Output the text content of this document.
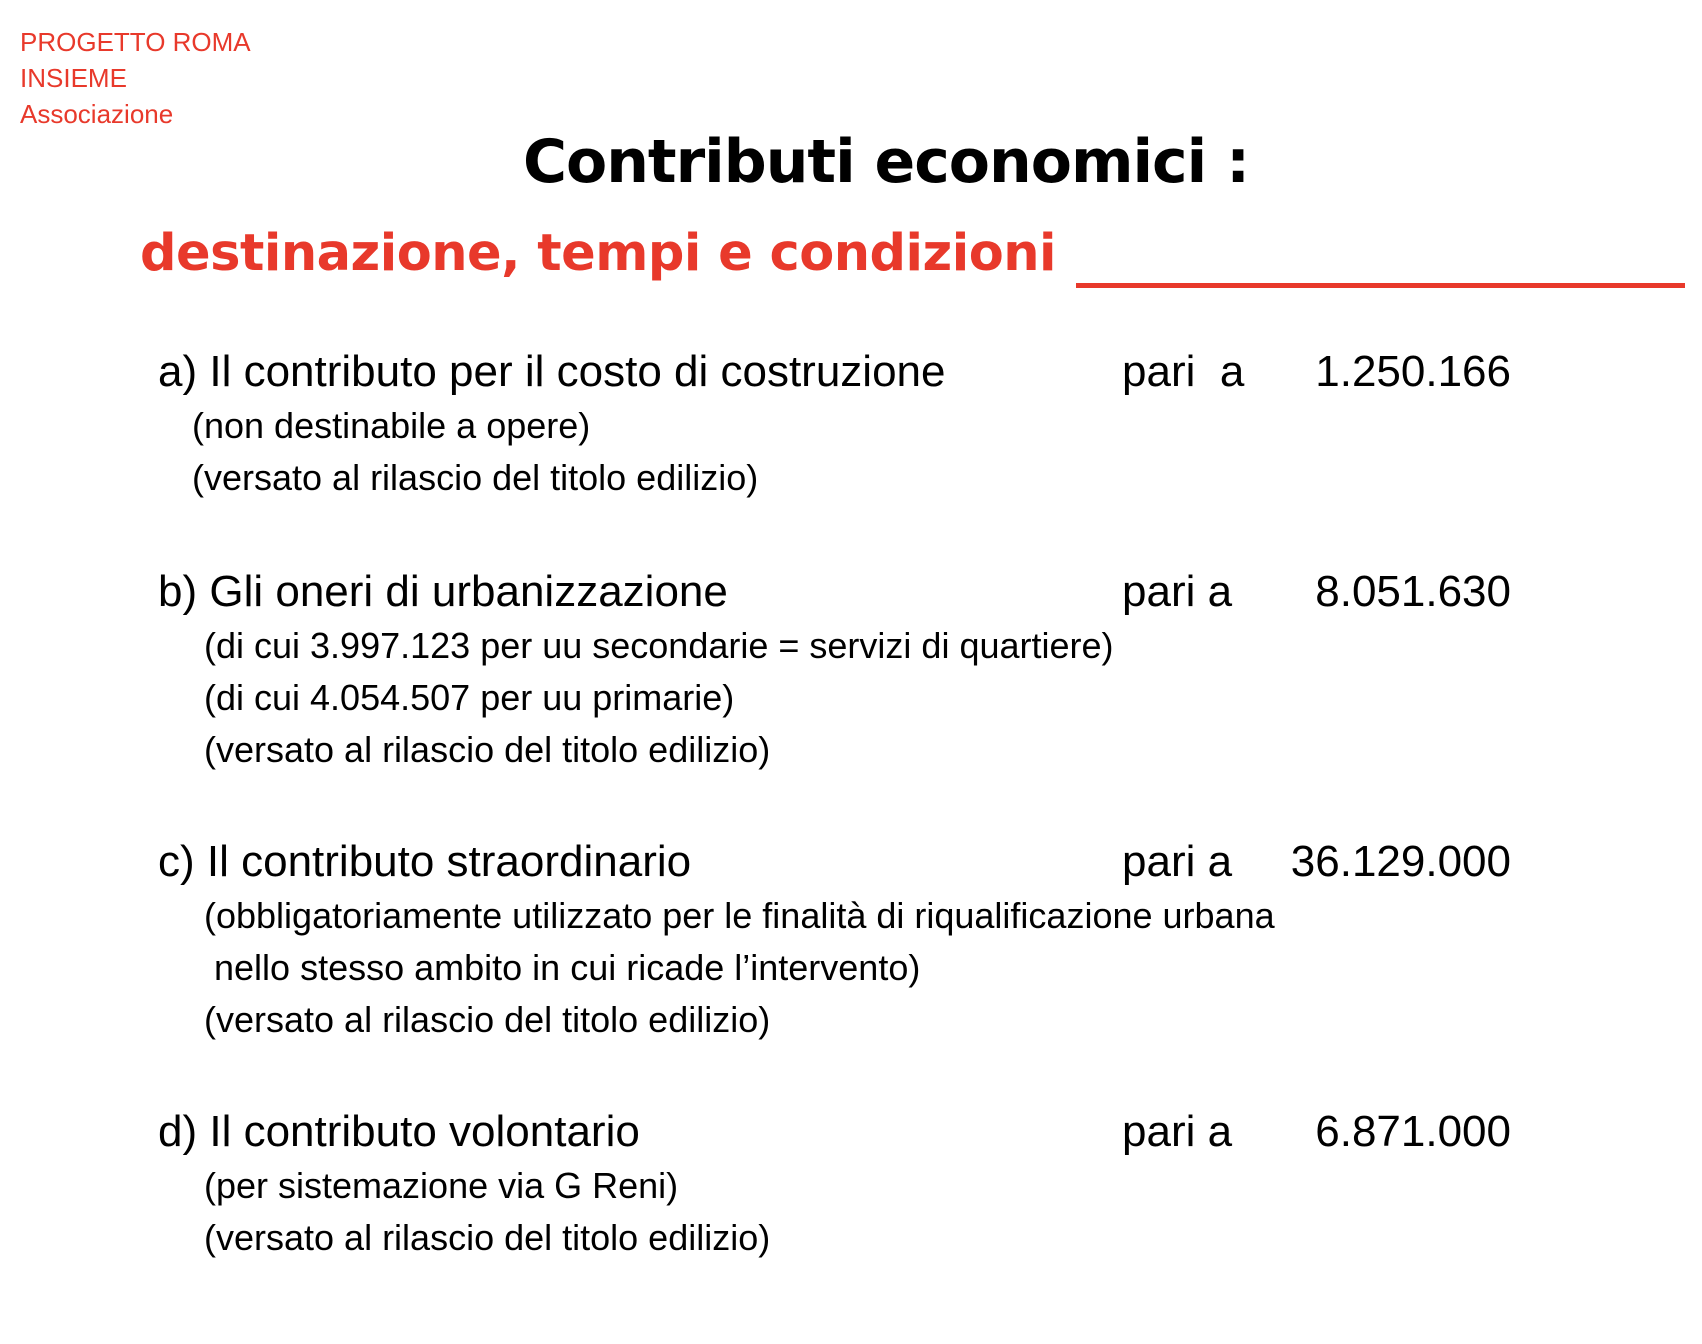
PROGETTO ROMA
INSIEME
Associazione
Contributi economici :
destinazione, tempi e condizioni
a) Il contributo per il costo di costruzione	pari  a 1.250.166
(non destinabile a opere)
(versato al rilascio del titolo edilizio)
b) Gli oneri di urbanizzazione	pari a 8.051.630
(di cui 3.997.123 per uu secondarie = servizi di quartiere)
(di cui 4.054.507 per uu primarie)
(versato al rilascio del titolo edilizio)
c) Il contributo straordinario	pari a 36.129.000
(obbligatoriamente utilizzato per le finalità di riqualificazione urbana
nello stesso ambito in cui ricade l’intervento)
(versato al rilascio del titolo edilizio)
d) Il contributo volontario	pari a 6.871.000
(per sistemazione via G Reni)
(versato al rilascio del titolo edilizio)
